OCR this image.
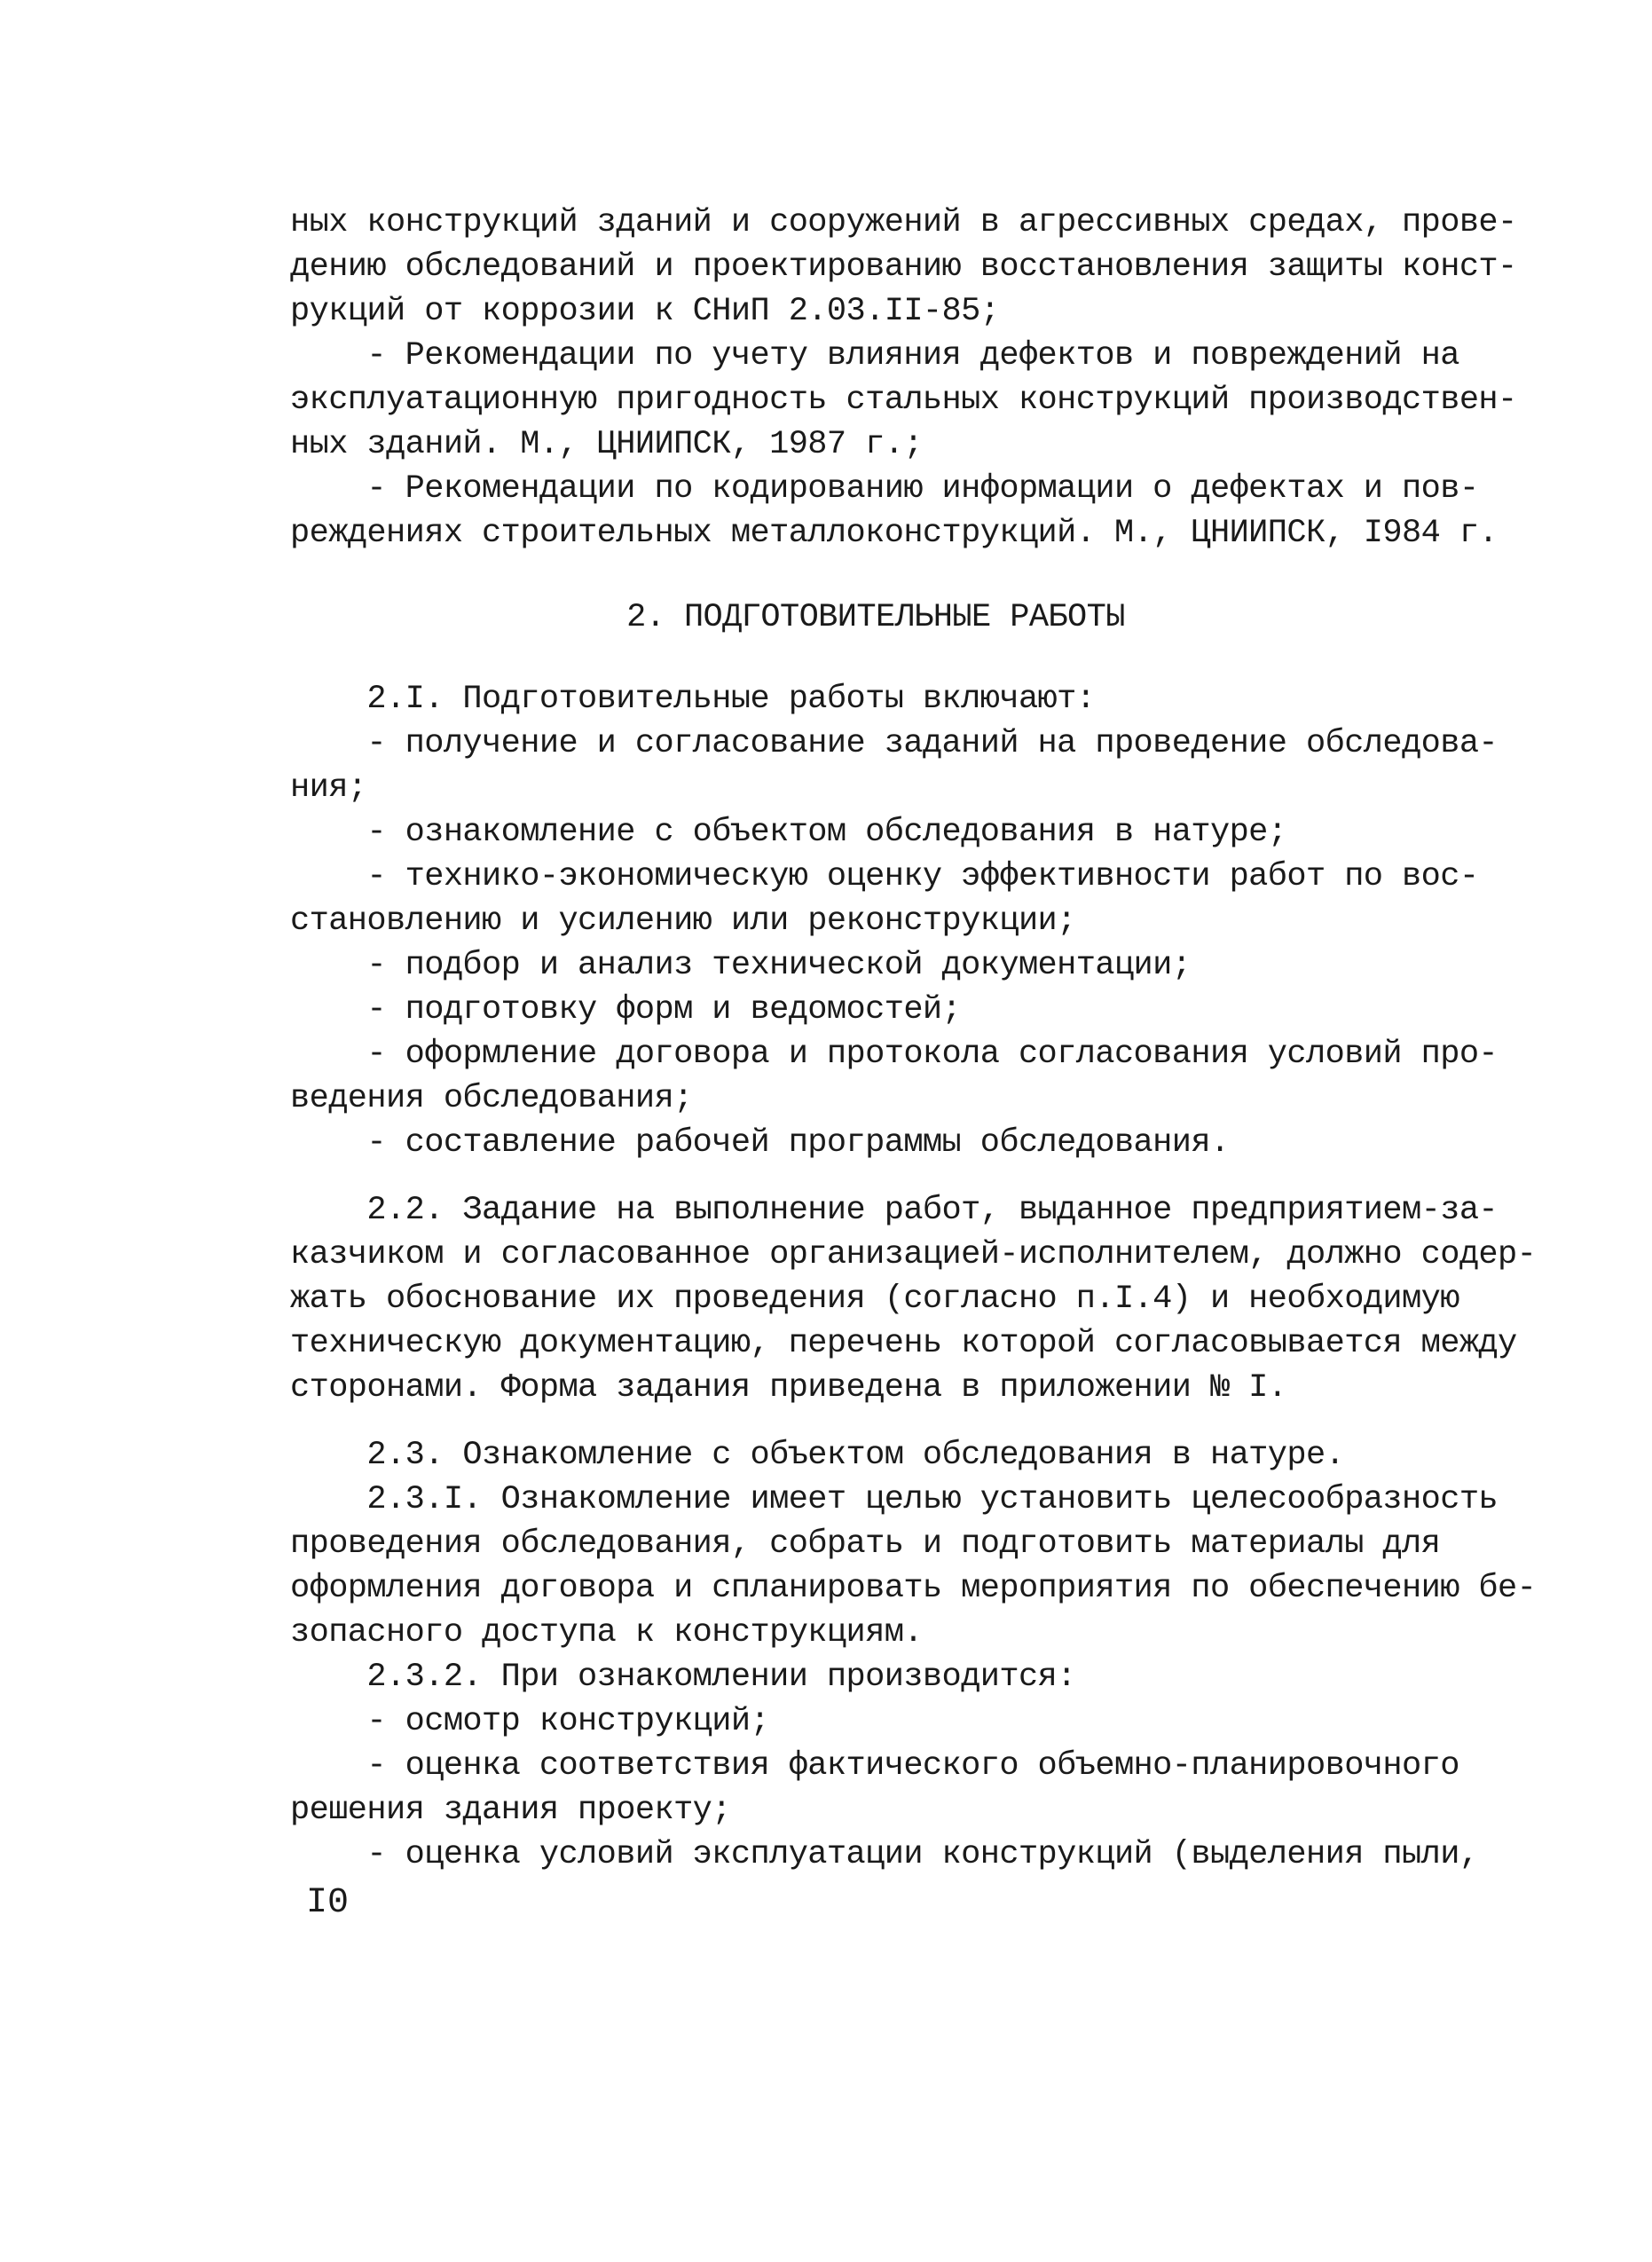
ных конструкций зданий и сооружений в агрессивных средах, прове-
дению обследований и проектированию восстановления защиты конст-
рукций от коррозии к СНиП 2.03.II-85;
- Рекомендации по учету влияния дефектов и повреждений на
эксплуатационную пригодность стальных конструкций производствен-
ных зданий. М., ЦНИИПСК, 1987 г.;
- Рекомендации по кодированию информации о дефектах и пов-
реждениях строительных металлоконструкций. М., ЦНИИПСК, I984 г.
2. ПОДГОТОВИТЕЛЬНЫЕ РАБОТЫ
2.I. Подготовительные работы включают:
- получение и согласование заданий на проведение обследова-
ния;
- ознакомление с объектом обследования в натуре;
- технико-экономическую оценку эффективности работ по вос-
становлению и усилению или реконструкции;
- подбор и анализ технической документации;
- подготовку форм и ведомостей;
- оформление договора и протокола согласования условий про-
ведения обследования;
- составление рабочей программы обследования.
2.2. Задание на выполнение работ, выданное предприятием-за-
казчиком и согласованное организацией-исполнителем, должно содер-
жать обоснование их проведения (согласно п.I.4) и необходимую
техническую документацию, перечень которой согласовывается между
сторонами. Форма задания приведена в приложении № I.
2.3. Ознакомление с объектом обследования в натуре.
2.3.I. Ознакомление имеет целью установить целесообразность
проведения обследования, собрать и подготовить материалы для
оформления договора и спланировать мероприятия по обеспечению бе-
зопасного доступа к конструкциям.
2.3.2. При ознакомлении производится:
- осмотр конструкций;
- оценка соответствия фактического объемно-планировочного
решения здания проекту;
- оценка условий эксплуатации конструкций (выделения пыли,
I0
